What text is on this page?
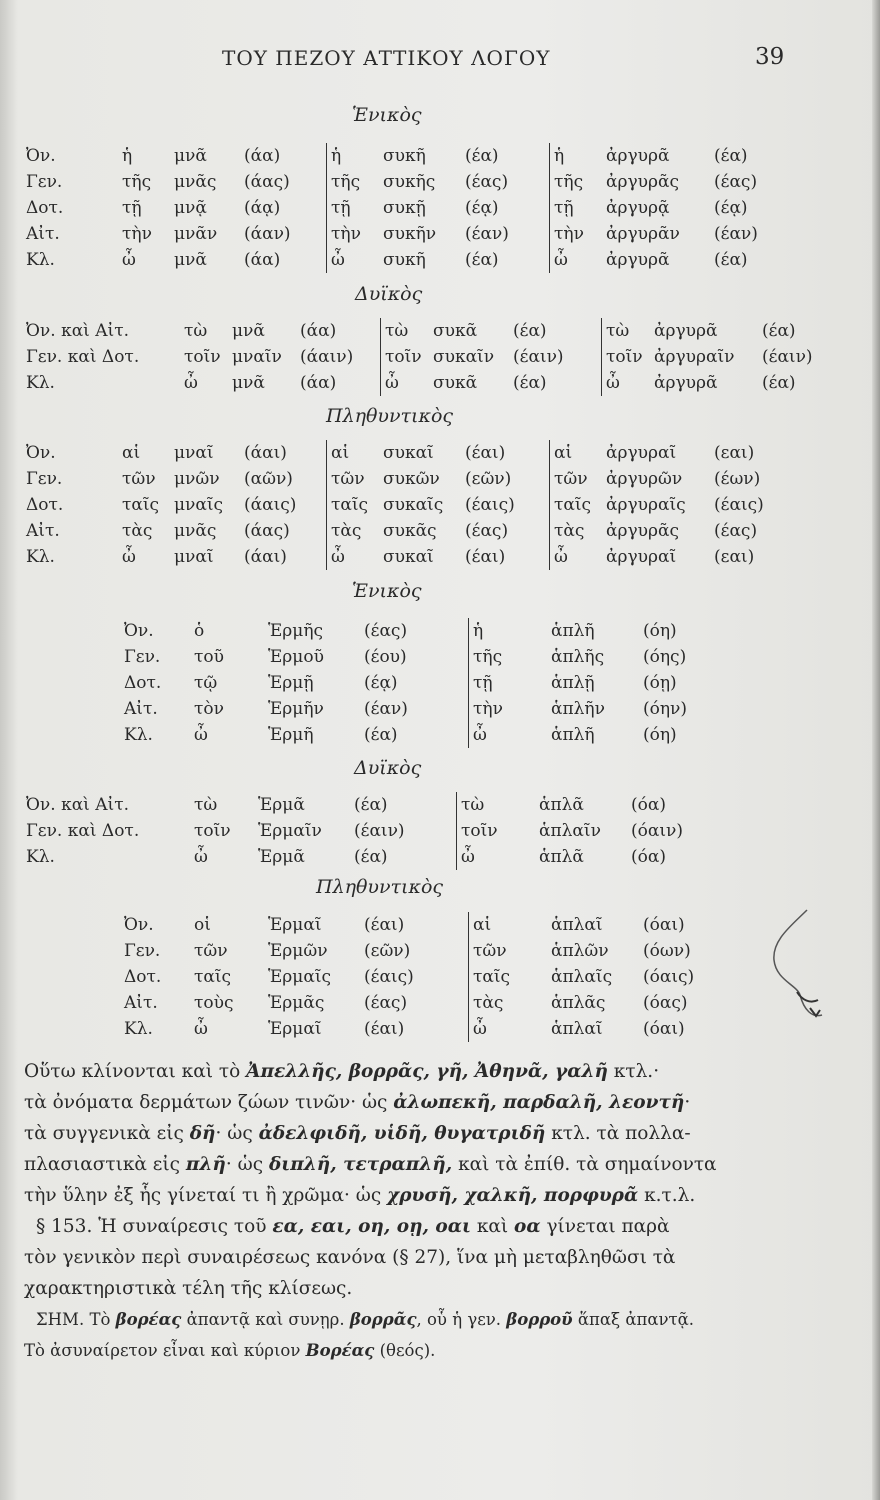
ΤΟΥ ΠΕΖΟΥ ΑΤΤΙΚΟΥ ΛΟΓΟΥ	39
Ἑνικὸς
Ὀν.	ἡ	μνᾶ	(άα)	ἡ	συκῆ	(έα)	ἡ	ἀργυρᾶ	(έα)
Γεν.	τῆς	μνᾶς	(άας)	τῆς	συκῆς	(έας)	τῆς	ἀργυρᾶς	(έας)
Δοτ.	τῇ	μνᾷ	(άᾳ)	τῇ	συκῇ	(έᾳ)	τῇ	ἀργυρᾷ	(έᾳ)
Αἰτ.	τὴν	μνᾶν	(άαν)	τὴν	συκῆν	(έαν)	τὴν	ἀργυρᾶν	(έαν)
Κλ.	ὦ	μνᾶ	(άα)	ὦ	συκῆ	(έα)	ὦ	ἀργυρᾶ	(έα)
Δυϊκὸς
Ὀν. καὶ Αἰτ.	τὼ	μνᾶ	(άα)	τὼ	συκᾶ	(έα)	τὼ	ἀργυρᾶ	(έα)
Γεν. καὶ Δοτ.	τοῖν	μναῖν	(άαιν)	τοῖν	συκαῖν	(έαιν)	τοῖν	ἀργυραῖν	(έαιν)
Κλ.	ὦ	μνᾶ	(άα)	ὦ	συκᾶ	(έα)	ὦ	ἀργυρᾶ	(έα)
Πληθυντικὸς
Ὀν.	αἱ	μναῖ	(άαι)	αἱ	συκαῖ	(έαι)	αἱ	ἀργυραῖ	(εαι)
Γεν.	τῶν	μνῶν	(αῶν)	τῶν	συκῶν	(εῶν)	τῶν	ἀργυρῶν	(έων)
Δοτ.	ταῖς	μναῖς	(άαις)	ταῖς	συκαῖς	(έαις)	ταῖς	ἀργυραῖς	(έαις)
Αἰτ.	τὰς	μνᾶς	(άας)	τὰς	συκᾶς	(έας)	τὰς	ἀργυρᾶς	(έας)
Κλ.	ὦ	μναῖ	(άαι)	ὦ	συκαῖ	(έαι)	ὦ	ἀργυραῖ	(εαι)
Ἑνικὸς
Ὀν.	ὁ	Ἑρμῆς	(έας)	ἡ	ἁπλῆ	(όη)
Γεν.	τοῦ	Ἑρμοῦ	(έου)	τῆς	ἁπλῆς	(όης)
Δοτ.	τῷ	Ἑρμῇ	(έᾳ)	τῇ	ἁπλῇ	(όῃ)
Αἰτ.	τὸν	Ἑρμῆν	(έαν)	τὴν	ἁπλῆν	(όην)
Κλ.	ὦ	Ἑρμῆ	(έα)	ὦ	ἁπλῆ	(όη)
Δυϊκὸς
Ὀν. καὶ Αἰτ.	τὼ	Ἑρμᾶ	(έα)	τὼ	ἁπλᾶ	(όα)
Γεν. καὶ Δοτ.	τοῖν	Ἑρμαῖν	(έαιν)	τοῖν	ἁπλαῖν	(όαιν)
Κλ.	ὦ	Ἑρμᾶ	(έα)	ὦ	ἁπλᾶ	(όα)
Πληθυντικὸς
Ὀν.	οἱ	Ἑρμαῖ	(έαι)	αἱ	ἁπλαῖ	(όαι)
Γεν.	τῶν	Ἑρμῶν	(εῶν)	τῶν	ἁπλῶν	(όων)
Δοτ.	ταῖς	Ἑρμαῖς	(έαις)	ταῖς	ἁπλαῖς	(όαις)
Αἰτ.	τοὺς	Ἑρμᾶς	(έας)	τὰς	ἁπλᾶς	(όας)
Κλ.	ὦ	Ἑρμαῖ	(έαι)	ὦ	ἁπλαῖ	(όαι)

Οὕτω κλίνονται καὶ τὸ Ἀπελλῆς, βορρᾶς, γῆ, Ἀθηνᾶ, γαλῆ κτλ.·

τὰ ὀνόματα δερμάτων ζώων τινῶν· ὡς ἀλωπεκῆ, παρδαλῆ, λεοντῆ·

τὰ συγγενικὰ εἰς δῆ· ὡς ἀδελφιδῆ, υἱδῆ, θυγατριδῆ κτλ. τὰ πολλα-

πλασιαστικὰ εἰς πλῆ· ὡς διπλῆ, τετραπλῆ, καὶ τὰ ἐπίθ. τὰ σημαίνοντα

τὴν ὕλην ἐξ ἧς γίνεταί τι ἢ χρῶμα· ὡς χρυσῆ, χαλκῆ, πορφυρᾶ κ.τ.λ.

§ 153. Ἡ συναίρεσις τοῦ εα, εαι, οη, οῃ, οαι καὶ οα γίνεται παρὰ

τὸν γενικὸν περὶ συναιρέσεως κανόνα (§ 27), ἵνα μὴ μεταβληθῶσι τὰ

χαρακτηριστικὰ τέλη τῆς κλίσεως.

ΣΗΜ. Τὸ βορέας ἀπαντᾷ καὶ συνῃρ. βορρᾶς, οὗ ἡ γεν. βορροῦ ἅπαξ ἀπαντᾷ.

Τὸ ἀσυναίρετον εἶναι καὶ κύριον Βορέας (θεός).
